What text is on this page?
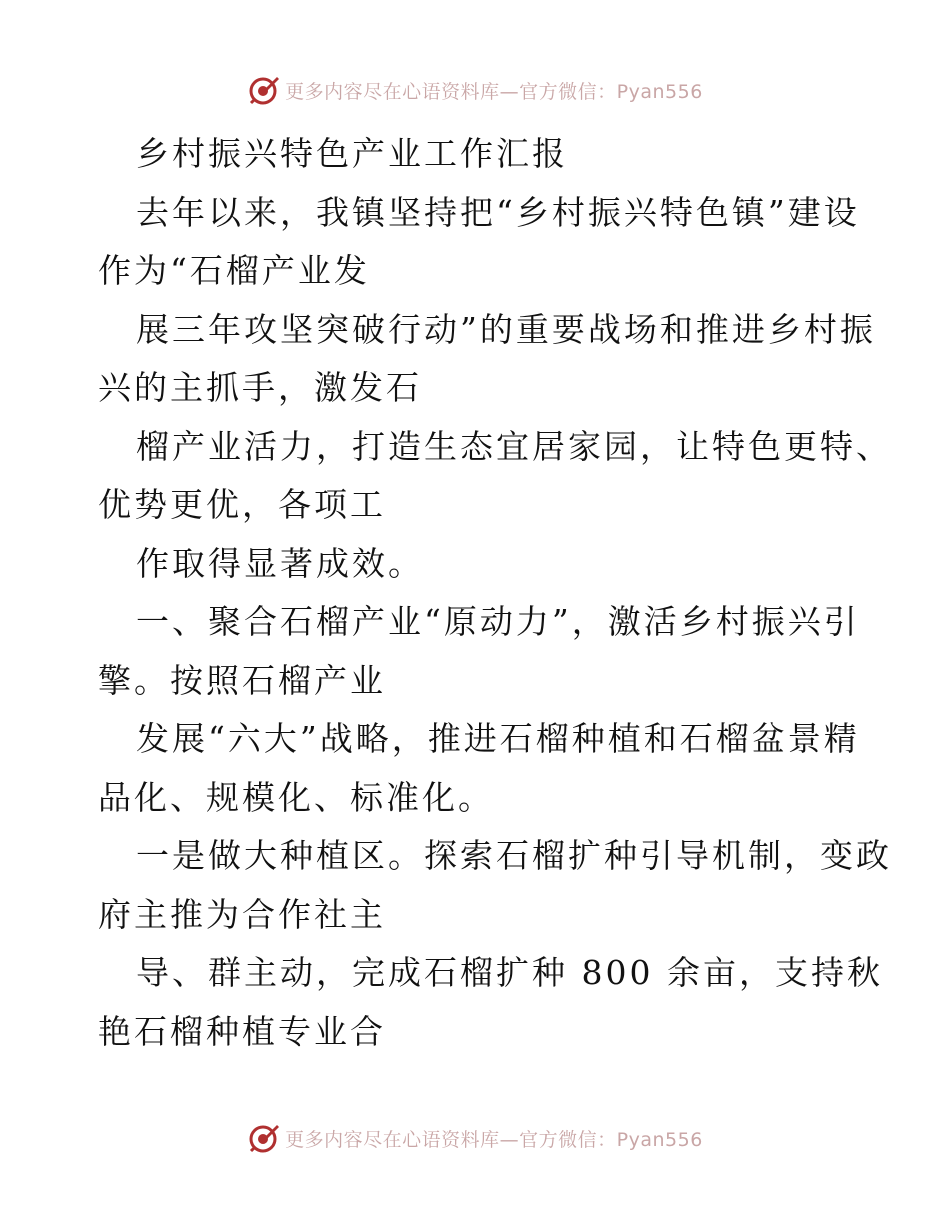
更多内容尽在心语资料库—官方微信：Pyan556
乡村振兴特色产业工作汇报
去年以来，我镇坚持把“乡村振兴特色镇”建设
作为“石榴产业发
展三年攻坚突破行动”的重要战场和推进乡村振
兴的主抓手，激发石
榴产业活力，打造生态宜居家园，让特色更特、
优势更优，各项工
作取得显著成效。
一、聚合石榴产业“原动力”，激活乡村振兴引
擎。按照石榴产业
发展“六大”战略，推进石榴种植和石榴盆景精
品化、规模化、标准化。
一是做大种植区。探索石榴扩种引导机制，变政
府主推为合作社主
导、群主动，完成石榴扩种 800 余亩，支持秋
艳石榴种植专业合
更多内容尽在心语资料库—官方微信：Pyan556
